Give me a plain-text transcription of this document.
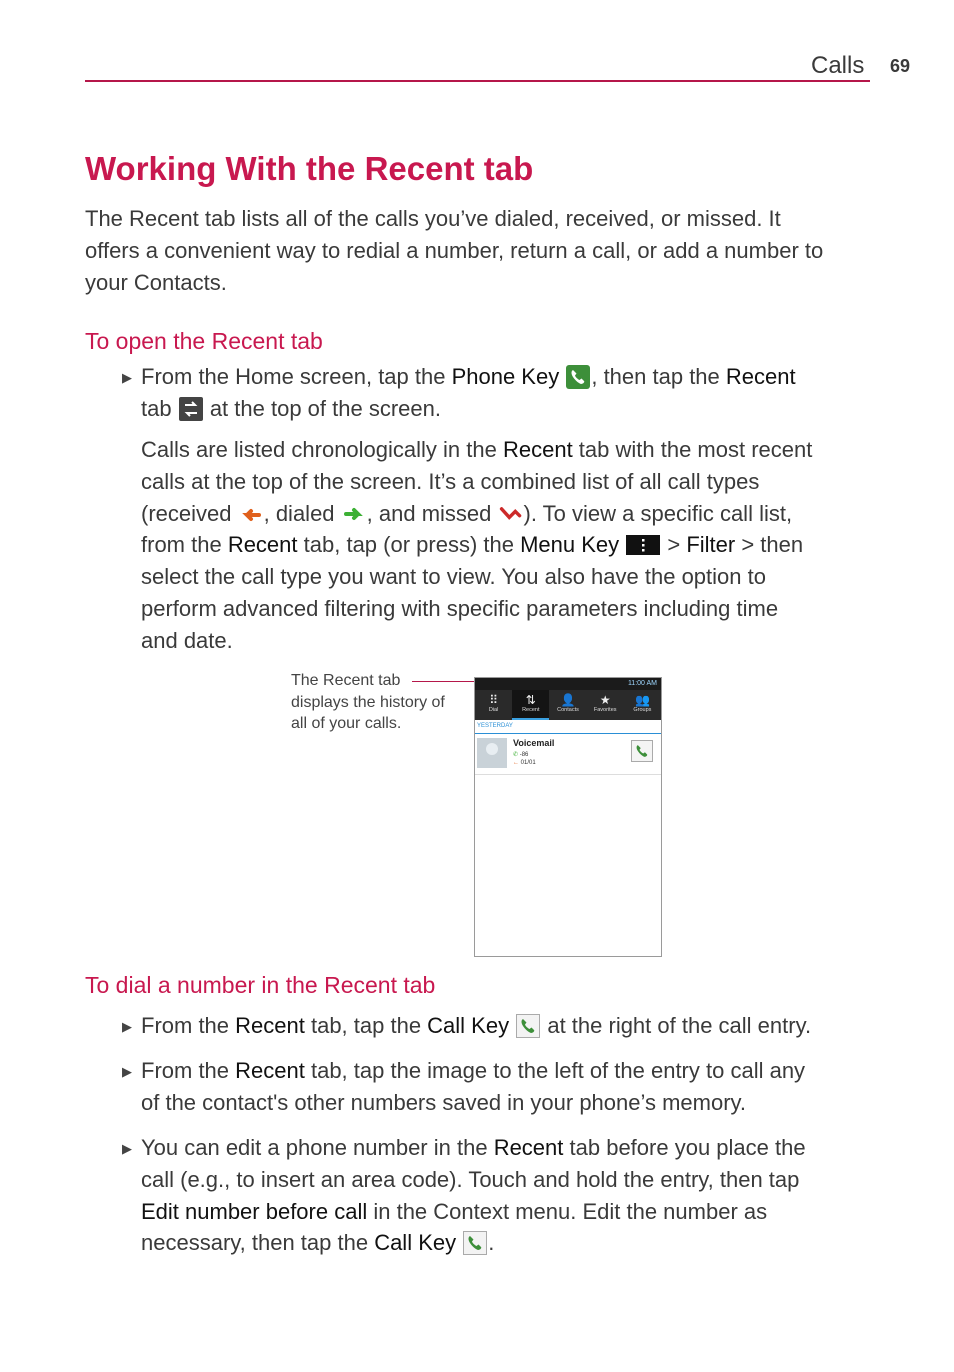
Calls 69
Working With the Recent tab
The Recent tab lists all of the calls you’ve dialed, received, or missed. It
offers a convenient way to redial a number, return a call, or add a number to
your Contacts.
To open the Recent tab
▶ From the Home screen, tap the Phone Key , then tap the Recent
tab  at the top of the screen.
Calls are listed chronologically in the Recent tab with the most recent
calls at the top of the screen. It’s a combined list of all call types
(received , dialed , and missed ). To view a specific call list,
from the Recent tab, tap (or press) the Menu Key  > Filter > then
select the call type you want to view. You also have the option to
perform advanced filtering with specific parameters including time
and date.
The Recent tab
displays the history of
all of your calls.
11:00 AM
⠿
Dial
⇅
Recent
👤
Contacts
★
Favorites
👥
Groups
YESTERDAY
Voicemail
✆ -86
← 01/01
To dial a number in the Recent tab
▶ From the Recent tab, tap the Call Key  at the right of the call entry.
▶ From the Recent tab, tap the image to the left of the entry to call any
of the contact's other numbers saved in your phone’s memory.
▶ You can edit a phone number in the Recent tab before you place the
call (e.g., to insert an area code). Touch and hold the entry, then tap
Edit number before call in the Context menu. Edit the number as
necessary, then tap the Call Key .
